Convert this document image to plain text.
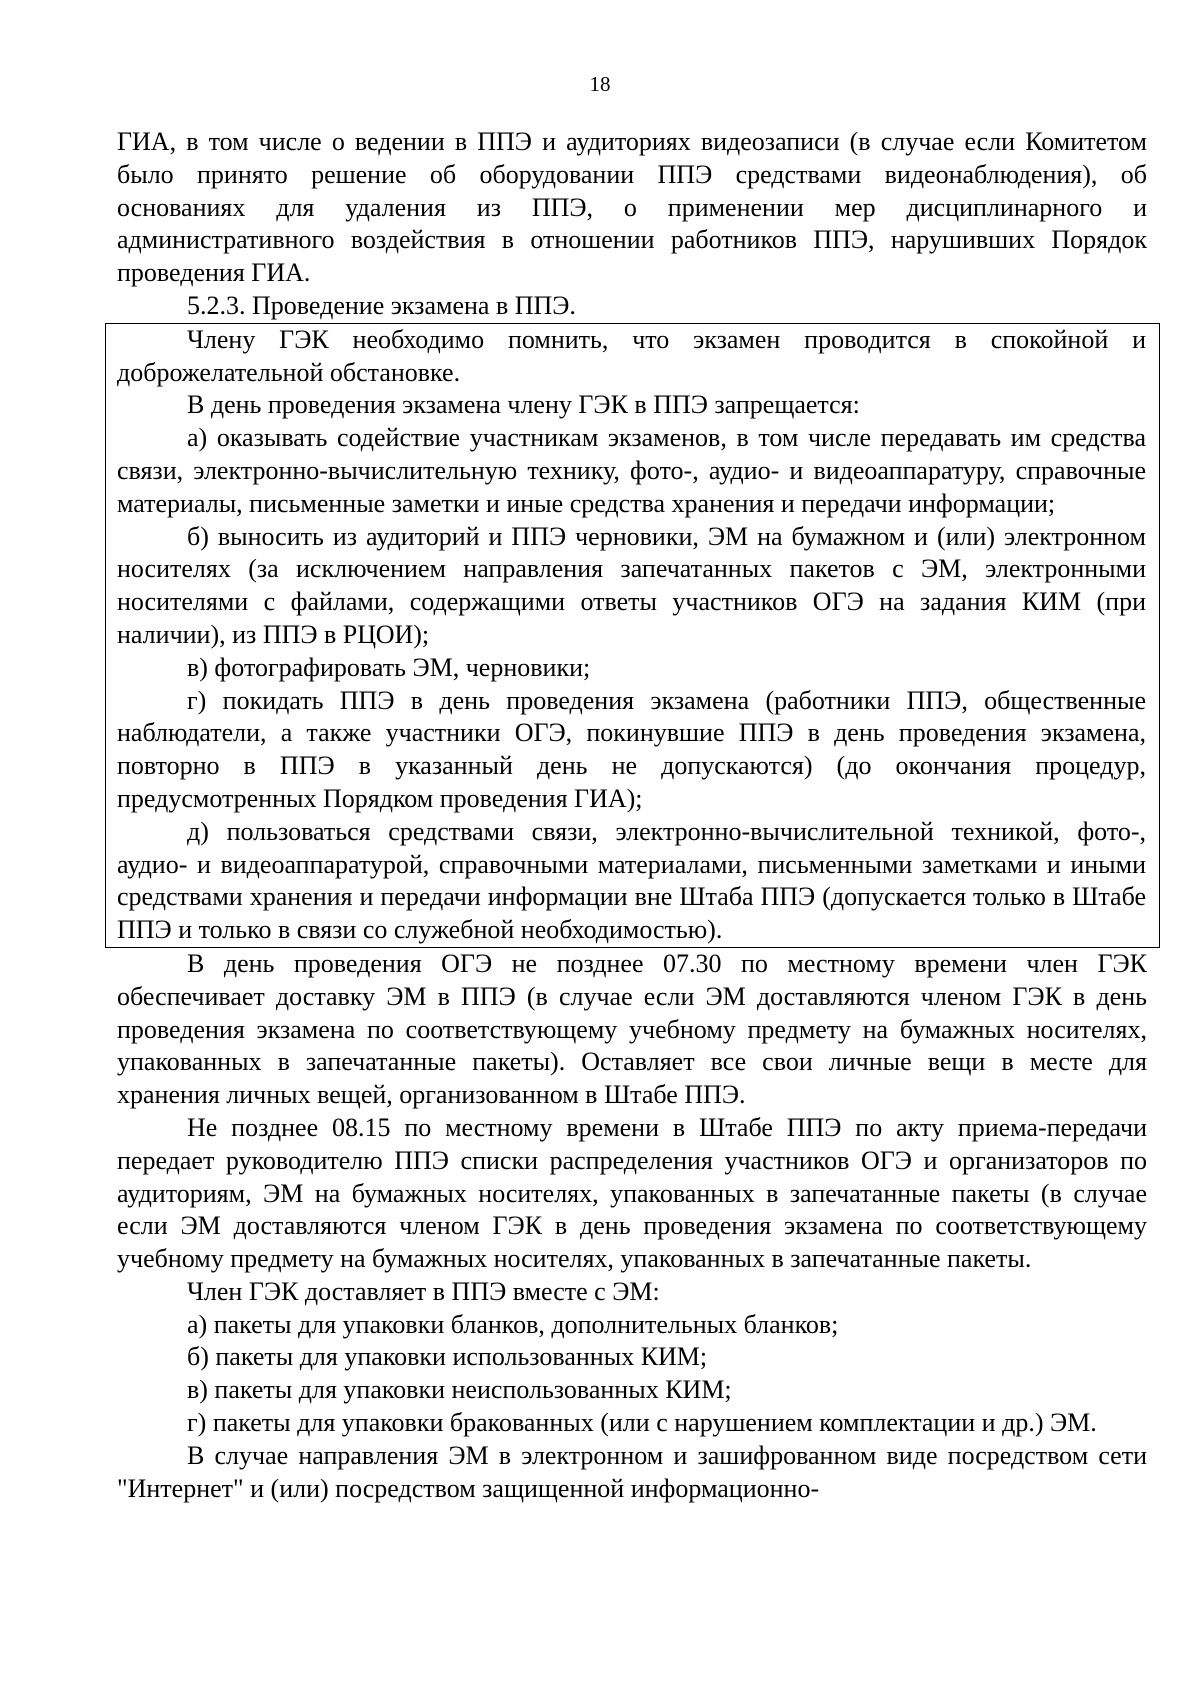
18

ГИА, в том числе о ведении в ППЭ и аудиториях видеозаписи (в случае если Комитетом было принято решение об оборудовании ППЭ средствами видеонаблюдения), об основаниях для удаления из ППЭ, о применении мер дисциплинарного и административного воздействия в отношении работников ППЭ, нарушивших Порядок проведения ГИА.

5.2.3. Проведение экзамена в ППЭ.

Члену ГЭК необходимо помнить, что экзамен проводится в спокойной и доброжелательной обстановке.

В день проведения экзамена члену ГЭК в ППЭ запрещается:

а) оказывать содействие участникам экзаменов, в том числе передавать им средства связи, электронно-вычислительную технику, фото-, аудио- и видеоаппаратуру, справочные материалы, письменные заметки и иные средства хранения и передачи информации;

б) выносить из аудиторий и ППЭ черновики, ЭМ на бумажном и (или) электронном носителях (за исключением направления запечатанных пакетов с ЭМ, электронными носителями с файлами, содержащими ответы участников ОГЭ на задания КИМ (при наличии), из ППЭ в РЦОИ);

в) фотографировать ЭМ, черновики;

г) покидать ППЭ в день проведения экзамена (работники ППЭ, общественные наблюдатели, а также участники ОГЭ, покинувшие ППЭ в день проведения экзамена, повторно в ППЭ в указанный день не допускаются) (до окончания процедур, предусмотренных Порядком проведения ГИА);

д) пользоваться средствами связи, электронно-вычислительной техникой, фото-, аудио- и видеоаппаратурой, справочными материалами, письменными заметками и иными средствами хранения и передачи информации вне Штаба ППЭ (допускается только в Штабе ППЭ и только в связи со служебной необходимостью).

В день проведения ОГЭ не позднее 07.30 по местному времени член ГЭК обеспечивает доставку ЭМ в ППЭ (в случае если ЭМ доставляются членом ГЭК в день проведения экзамена по соответствующему учебному предмету на бумажных носителях, упакованных в запечатанные пакеты). Оставляет все свои личные вещи в месте для хранения личных вещей, организованном в Штабе ППЭ.

Не позднее 08.15 по местному времени в Штабе ППЭ по акту приема-передачи передает руководителю ППЭ списки распределения участников ОГЭ и организаторов по аудиториям, ЭМ на бумажных носителях, упакованных в запечатанные пакеты (в случае если ЭМ доставляются членом ГЭК в день проведения экзамена по соответствующему учебному предмету на бумажных носителях, упакованных в запечатанные пакеты.

Член ГЭК доставляет в ППЭ вместе с ЭМ:

а) пакеты для упаковки бланков, дополнительных бланков;

б) пакеты для упаковки использованных КИМ;

в) пакеты для упаковки неиспользованных КИМ;

г) пакеты для упаковки бракованных (или с нарушением комплектации и др.) ЭМ.

В случае направления ЭМ в электронном и зашифрованном виде посредством сети "Интернет" и (или) посредством защищенной информационно-
